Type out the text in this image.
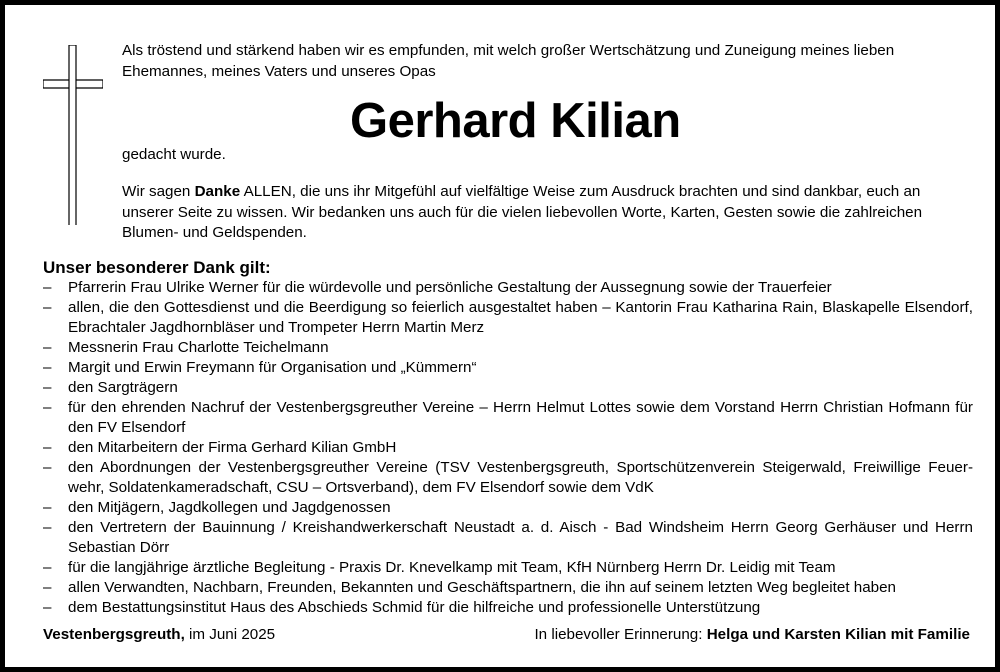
Als tröstend und stärkend haben wir es empfunden, mit welch großer Wertschätzung und Zuneigung meines lieben Ehemannes, meines Vaters und unseres Opas

Gerhard Kilian

gedacht wurde.

Wir sagen Danke ALLEN, die uns ihr Mitgefühl auf vielfältige Weise zum Ausdruck brachten und sind dankbar, euch an unserer Seite zu wissen. Wir bedanken uns auch für die vielen liebevollen Worte, Karten, Gesten sowie die zahlreichen Blumen- und Geldspenden.

Unser besonderer Dank gilt:
– Pfarrerin Frau Ulrike Werner für die würdevolle und persönliche Gestaltung der Aussegnung sowie der Trauerfeier
– allen, die den Gottesdienst und die Beerdigung so feierlich ausgestaltet haben – Kantorin Frau Katharina Rain, Blaskapelle Elsendorf, Ebrachtaler Jagdhornbläser und Trompeter Herrn Martin Merz
– Messnerin Frau Charlotte Teichelmann
– Margit und Erwin Freymann für Organisation und „Kümmern“
– den Sargträgern
– für den ehrenden Nachruf der Vestenbergsgreuther Vereine – Herrn Helmut Lottes sowie dem Vorstand Herrn Christian Hofmann für den FV Elsendorf
– den Mitarbeitern der Firma Gerhard Kilian GmbH
– den Abordnungen der Vestenbergsgreuther Vereine (TSV Vestenbergsgreuth, Sportschützenverein Steigerwald, Freiwillige Feuer-wehr, Soldatenkameradschaft, CSU – Ortsverband), dem FV Elsendorf sowie dem VdK
– den Mitjägern, Jagdkollegen und Jagdgenossen
– den Vertretern der Bauinnung / Kreishandwerkerschaft Neustadt a. d. Aisch - Bad Windsheim Herrn Georg Gerhäuser und Herrn Sebastian Dörr
– für die langjährige ärztliche Begleitung - Praxis Dr. Knevelkamp mit Team, KfH Nürnberg Herrn Dr. Leidig mit Team
– allen Verwandten, Nachbarn, Freunden, Bekannten und Geschäftspartnern, die ihn auf seinem letzten Weg begleitet haben
– dem Bestattungsinstitut Haus des Abschieds Schmid für die hilfreiche und professionelle Unterstützung
Vestenbergsgreuth, im Juni 2025	In liebevoller Erinnerung: Helga und Karsten Kilian mit Familie
